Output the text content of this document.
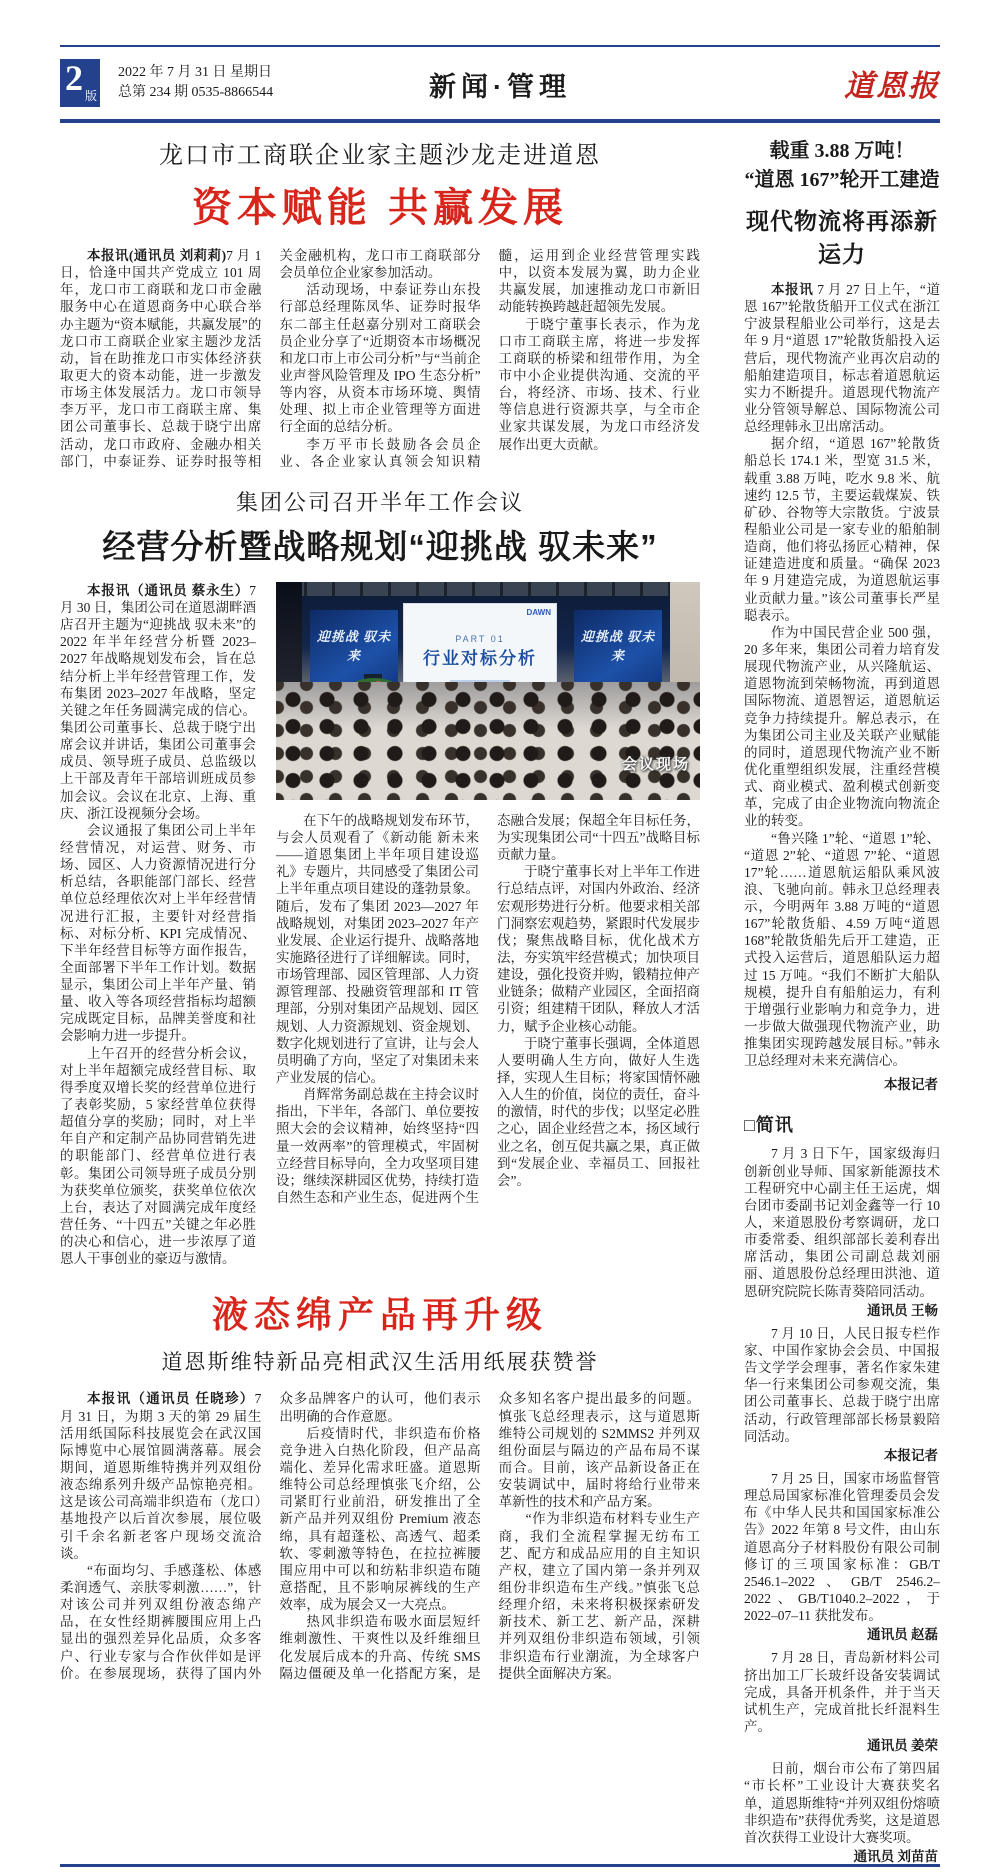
2 版
2022 年 7 月 31 日 星期日
总第 234 期 0535-8866544	新闻·管理	道恩报
龙口市工商联企业家主题沙龙走进道恩
资本赋能 共赢发展

本报讯(通讯员 刘莉莉)7 月 1 日，恰逢中国共产党成立 101 周年，龙口市工商联和龙口市金融服务中心在道恩商务中心联合举办主题为“资本赋能，共赢发展”的龙口市工商联企业家主题沙龙活动，旨在助推龙口市实体经济获取更大的资本动能，进一步激发市场主体发展活力。龙口市领导李万平，龙口市工商联主席、集团公司董事长、总裁于晓宁出席活动，龙口市政府、金融办相关部门，中泰证券、证券时报等相关金融机构，龙口市工商联部分会员单位企业家参加活动。

活动现场，中泰证券山东投行部总经理陈凤华、证券时报华东二部主任赵嘉分别对工商联会员企业分享了“近期资本市场概况和龙口市上市公司分析”与“当前企业声誉风险管理及 IPO 生态分析”等内容，从资本市场环境、舆情处理、拟上市企业管理等方面进行全面的总结分析。

李万平市长鼓励各会员企业、各企业家认真领会知识精髓，运用到企业经营管理实践中，以资本发展为翼，助力企业共赢发展，加速推动龙口市新旧动能转换跨越赶超领先发展。

于晓宁董事长表示，作为龙口市工商联主席，将进一步发挥工商联的桥梁和纽带作用，为全市中小企业提供沟通、交流的平台，将经济、市场、技术、行业等信息进行资源共享，与全市企业家共谋发展，为龙口市经济发展作出更大贡献。

集团公司召开半年工作会议
经营分析暨战略规划“迎挑战 驭未来”

本报讯（通讯员 蔡永生）7 月 30 日，集团公司在道恩湖畔酒店召开主题为“迎挑战 驭未来”的 2022 年半年经营分析暨 2023–2027 年战略规划发布会，旨在总结分析上半年经营管理工作，发布集团 2023–2027 年战略，坚定关键之年任务圆满完成的信心。集团公司董事长、总裁于晓宁出席会议并讲话，集团公司董事会成员、领导班子成员、总监级以上干部及青年干部培训班成员参加会议。会议在北京、上海、重庆、浙江设视频分会场。

会议通报了集团公司上半年经营情况，对运营、财务、市场、园区、人力资源情况进行分析总结，各职能部门部长、经营单位总经理依次对上半年经营情况进行汇报，主要针对经营指标、对标分析、KPI 完成情况、下半年经营目标等方面作报告，全面部署下半年工作计划。数据显示，集团公司上半年产量、销量、收入等各项经营指标均超额完成既定目标，品牌美誉度和社会影响力进一步提升。

上午召开的经营分析会议，对上半年超额完成经营目标、取得季度双增长奖的经营单位进行了表彰奖励，5 家经营单位获得超值分享的奖励；同时，对上半年自产和定制产品协同营销先进的职能部门、经营单位进行表彰。集团公司领导班子成员分别为获奖单位颁奖，获奖单位依次上台，表达了对圆满完成年度经营任务、“十四五”关键之年必胜的决心和信心，进一步浓厚了道恩人干事创业的豪迈与激情。

迎挑战 驭未来
DAWN
PART 01
行业对标分析
迎挑战 驭未来
会议现场

在下午的战略规划发布环节，与会人员观看了《新动能 新未来——道恩集团上半年项目建设巡礼》专题片，共同感受了集团公司上半年重点项目建设的蓬勃景象。随后，发布了集团 2023—2027 年战略规划，对集团 2023–2027 年产业发展、企业运行提升、战略落地实施路径进行了详细解读。同时，市场管理部、园区管理部、人力资源管理部、投融资管理部和 IT 管理部，分别对集团产品规划、园区规划、人力资源规划、资金规划、数字化规划进行了宣讲，让与会人员明确了方向，坚定了对集团未来产业发展的信心。

肖辉常务副总裁在主持会议时指出，下半年，各部门、单位要按照大会的会议精神，始终坚持“四量一效两率”的管理模式，牢固树立经营目标导向，全力攻坚项目建设；继续深耕园区优势，持续打造自然生态和产业生态，促进两个生态融合发展；保超全年目标任务，为实现集团公司“十四五”战略目标贡献力量。

于晓宁董事长对上半年工作进行总结点评，对国内外政治、经济宏观形势进行分析。他要求相关部门洞察宏观趋势，紧跟时代发展步伐；聚焦战略目标，优化战术方法，夯实筑牢经营模式；加快项目建设，强化投资并购，锻精拉伸产业链条；做精产业园区，全面招商引资；组建精干团队，释放人才活力，赋予企业核心动能。

于晓宁董事长强调，全体道恩人要明确人生方向，做好人生选择，实现人生目标；将家国情怀融入人生的价值，岗位的责任，奋斗的激情，时代的步伐；以坚定必胜之心，固企业经营之本，扬区域行业之名，创互促共赢之果，真正做到“发展企业、幸福员工、回报社会”。

液态绵产品再升级
道恩斯维特新品亮相武汉生活用纸展获赞誉

本报讯（通讯员 任晓珍）7 月 31 日，为期 3 天的第 29 届生活用纸国际科技展览会在武汉国际博览中心展馆圆满落幕。展会期间，道恩斯维特携并列双组份液态绵系列升级产品惊艳亮相。这是该公司高端非织造布（龙口）基地投产以后首次参展，展位吸引千余名新老客户现场交流洽谈。

“布面均匀、手感蓬松、体感柔润透气、亲肤零刺激……”，针对该公司并列双组份液态绵产品，在女性经期裤腰围应用上凸显出的强烈差异化品质，众多客户、行业专家与合作伙伴如是评价。在参展现场，获得了国内外众多品牌客户的认可，他们表示出明确的合作意愿。

后疫情时代，非织造布价格竞争进入白热化阶段，但产品高端化、差异化需求旺盛。道恩斯维特公司总经理慎张飞介绍，公司紧盯行业前沿，研发推出了全新产品并列双组份 Premium 液态绵，具有超蓬松、高透气、超柔软、零刺激等特色，在拉拉裤腰围应用中可以和纺粘非织造布随意搭配，且不影响尿裤线的生产效率，成为展会又一大亮点。

热风非织造布吸水面层短纤维刺激性、干爽性以及纤维细旦化发展后成本的升高、传统 SMS 隔边僵硬及单一化搭配方案，是众多知名客户提出最多的问题。慎张飞总经理表示，这与道恩斯维特公司规划的 S2MMS2 并列双组份面层与隔边的产品布局不谋而合。目前，该产品新设备正在安装调试中，届时将给行业带来革新性的技术和产品方案。

“作为非织造布材料专业生产商，我们全流程掌握无纺布工艺、配方和成品应用的自主知识产权，建立了国内第一条并列双组份非织造布生产线。”慎张飞总经理介绍，未来将积极探索研发新技术、新工艺、新产品，深耕并列双组份非织造布领域，引领非织造布行业潮流，为全球客户提供全面解决方案。

载重 3.88 万吨！
“道恩 167”轮开工建造
现代物流将再添新运力

本报讯 7 月 27 日上午，“道恩 167”轮散货船开工仪式在浙江宁波景程船业公司举行，这是去年 9 月“道恩 17”轮散货船投入运营后，现代物流产业再次启动的船舶建造项目，标志着道恩航运实力不断提升。道恩现代物流产业分管领导解总、国际物流公司总经理韩永卫出席活动。

据介绍，“道恩 167”轮散货船总长 174.1 米，型宽 31.5 米，载重 3.88 万吨，吃水 9.8 米、航速约 12.5 节，主要运载煤炭、铁矿砂、谷物等大宗散货。宁波景程船业公司是一家专业的船舶制造商，他们将弘扬匠心精神，保证建造进度和质量。“确保 2023 年 9 月建造完成，为道恩航运事业贡献力量。”该公司董事长严星聪表示。

作为中国民营企业 500 强，20 多年来，集团公司着力培育发展现代物流产业，从兴隆航运、道恩物流到荣畅物流，再到道恩国际物流、道恩智运，道恩航运竞争力持续提升。解总表示，在为集团公司主业及关联产业赋能的同时，道恩现代物流产业不断优化重塑组织发展，注重经营模式、商业模式、盈利模式创新变革，完成了由企业物流向物流企业的转变。

“鲁兴隆 1”轮、“道恩 1”轮、“道恩 2”轮、“道恩 7”轮、“道恩 17”轮……道恩航运船队乘风波浪、飞驰向前。韩永卫总经理表示，今明两年 3.88 万吨的“道恩 167”轮散货船、4.59 万吨“道恩 168”轮散货船先后开工建造，正式投入运营后，道恩船队运力超过 15 万吨。“我们不断扩大船队规模，提升自有船舶运力，有利于增强行业影响力和竞争力，进一步做大做强现代物流产业，助推集团实现跨越发展目标。”韩永卫总经理对未来充满信心。

本报记者
□简讯

7 月 3 日下午，国家级海归创新创业导师、国家新能源技术工程研究中心副主任王运虎，烟台团市委副书记刘金鑫等一行 10 人，来道恩股份考察调研，龙口市委常委、组织部部长姜利春出席活动，集团公司副总裁刘丽丽、道恩股份总经理田洪池、道恩研究院院长陈青葵陪同活动。

通讯员 王畅

7 月 10 日，人民日报专栏作家、中国作家协会会员、中国报告文学学会理事，著名作家朱建华一行来集团公司参观交流，集团公司董事长、总裁于晓宁出席活动，行政管理部部长杨景毅陪同活动。

本报记者

7 月 25 日，国家市场监督管理总局国家标准化管理委员会发布《中华人民共和国国家标准公告》2022 年第 8 号文件，由山东道恩高分子材料股份有限公司制修订的三项国家标准：GB/T 2546.1–2022、GB/T 2546.2–2022、GB/T1040.2–2022，于 2022–07–11 获批发布。

通讯员 赵磊

7 月 28 日，青岛新材料公司挤出加工厂长玻纤设备安装调试完成，具备开机条件，并于当天试机生产，完成首批长纤混料生产。

通讯员 姜荣

日前，烟台市公布了第四届“市长杯”工业设计大赛获奖名单，道恩斯维特“并列双组份熔喷非织造布”获得优秀奖，这是道恩首次获得工业设计大赛奖项。

通讯员 刘苗苗
